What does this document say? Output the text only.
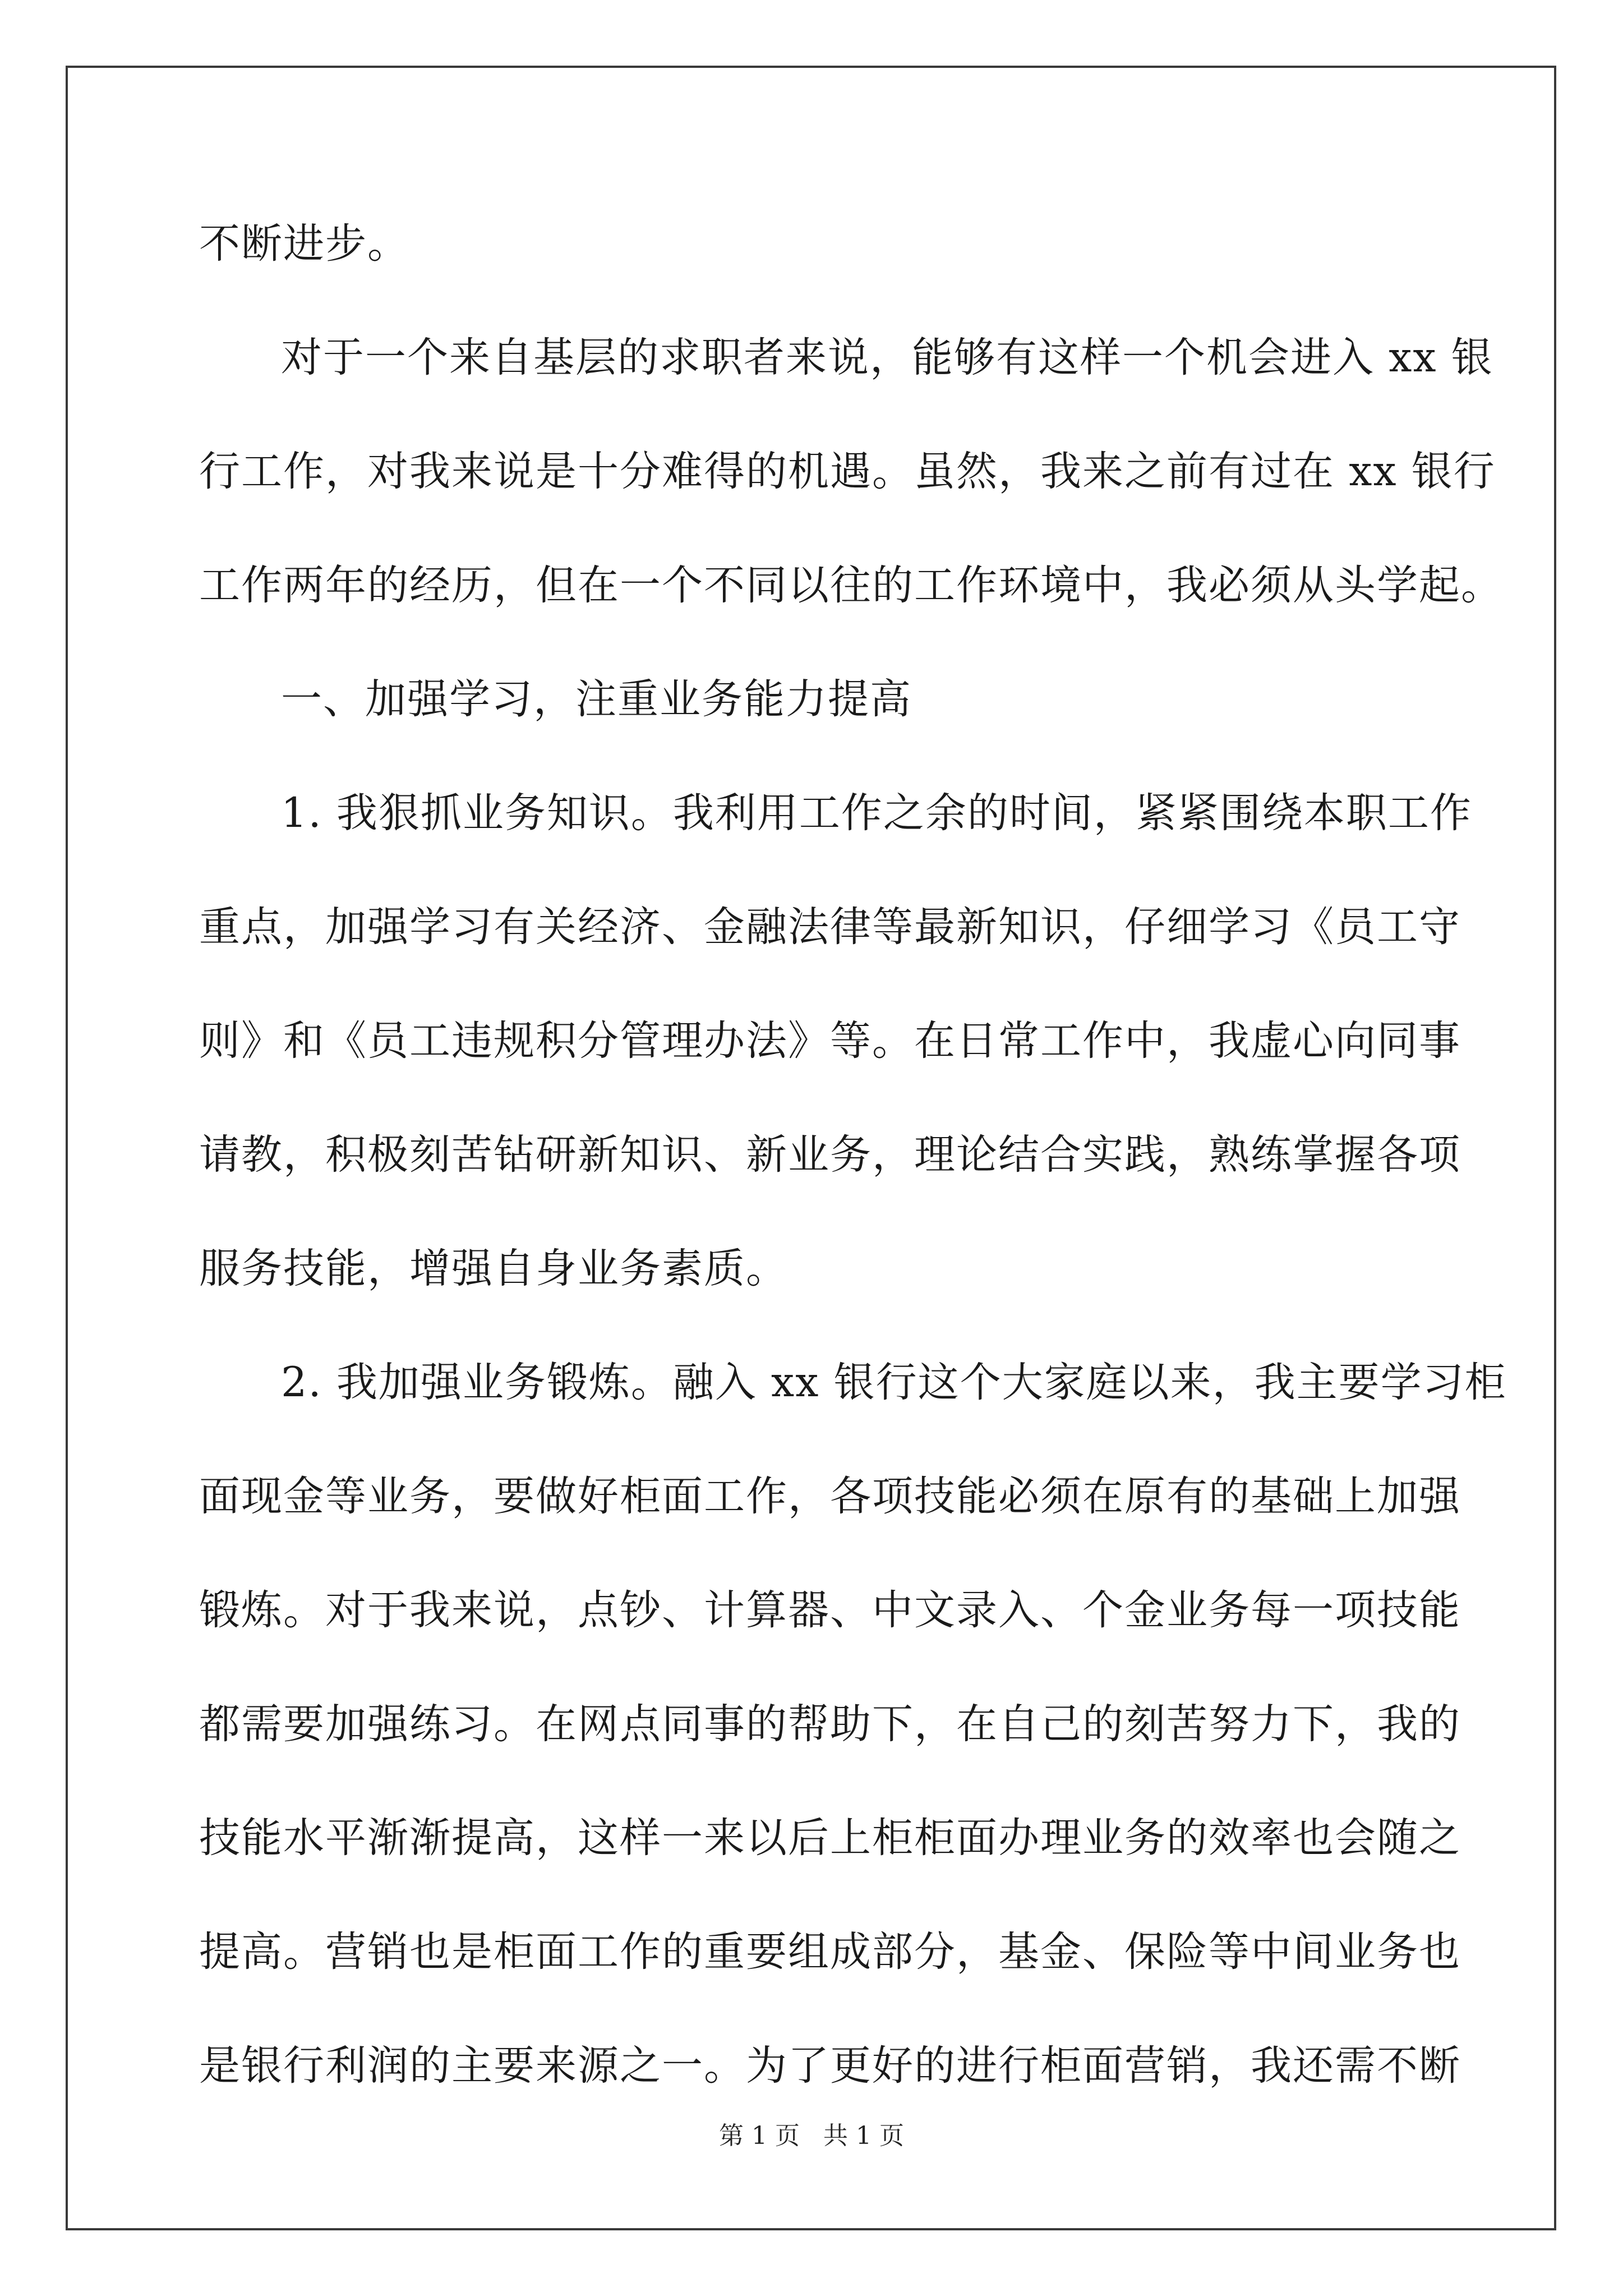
不断进步。
对于一个来自基层的求职者来说，能够有这样一个机会进入 xx 银
行工作，对我来说是十分难得的机遇。虽然，我来之前有过在 xx 银行
工作两年的经历，但在一个不同以往的工作环境中，我必须从头学起。
一、加强学习，注重业务能力提高
1. 我狠抓业务知识。我利用工作之余的时间，紧紧围绕本职工作
重点，加强学习有关经济、金融法律等最新知识，仔细学习《员工守
则》和《员工违规积分管理办法》等。在日常工作中，我虚心向同事
请教，积极刻苦钻研新知识、新业务，理论结合实践，熟练掌握各项
服务技能，增强自身业务素质。
2. 我加强业务锻炼。融入 xx 银行这个大家庭以来，我主要学习柜
面现金等业务，要做好柜面工作，各项技能必须在原有的基础上加强
锻炼。对于我来说，点钞、计算器、中文录入、个金业务每一项技能
都需要加强练习。在网点同事的帮助下，在自己的刻苦努力下，我的
技能水平渐渐提高，这样一来以后上柜柜面办理业务的效率也会随之
提高。营销也是柜面工作的重要组成部分，基金、保险等中间业务也
是银行利润的主要来源之一。为了更好的进行柜面营销，我还需不断
第 1 页 共 1 页
